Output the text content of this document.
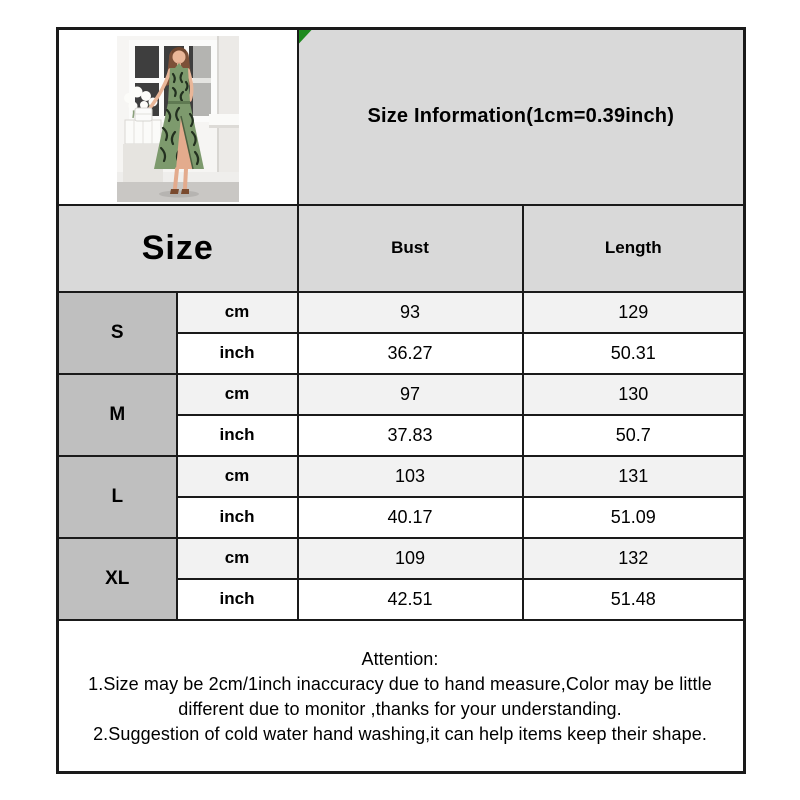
Size Information(1cm=0.39inch)	
Size		Bust	Length
S	cm	93	129
	inch	36.27	50.31
M	cm	97	130
	inch	37.83	50.7
L	cm	103	131
	inch	40.17	51.09
XL	cm	109	132
	inch	42.51	51.48

Attention:
1.Size may be 2cm/1inch inaccuracy due to hand measure,Color may be little different due to monitor ,thanks for your understanding.
2.Suggestion of cold water hand washing,it can help items keep their shape.			
